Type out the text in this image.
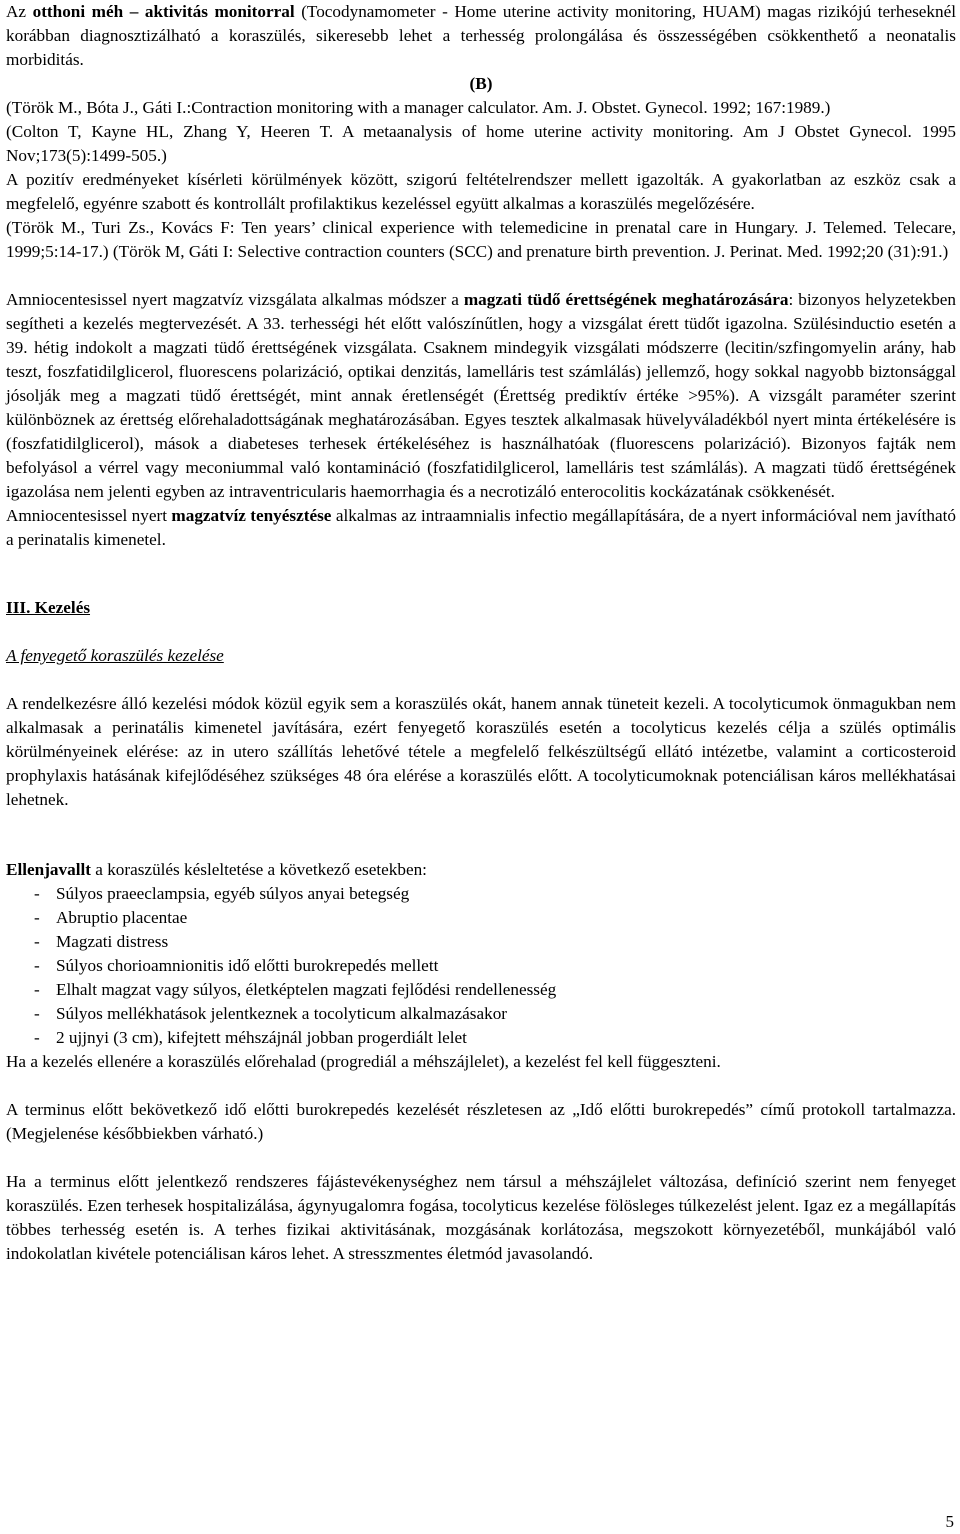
Az otthoni méh – aktivitás monitorral (Tocodynamometer - Home uterine activity monitoring, HUAM) magas rizikójú terheseknél korábban diagnosztizálható a koraszülés, sikeresebb lehet a terhesség prolongálása és összességében csökkenthető a neonatalis morbiditás.

(B)

(Török M., Bóta J., Gáti I.:Contraction monitoring with a manager calculator. Am. J. Obstet. Gynecol. 1992; 167:1989.)

(Colton T, Kayne HL, Zhang Y, Heeren T. A metaanalysis of home uterine activity monitoring. Am J Obstet Gynecol. 1995 Nov;173(5):1499-505.)

A pozitív eredményeket kísérleti körülmények között, szigorú feltételrendszer mellett igazolták. A gyakorlatban az eszköz csak a megfelelő, egyénre szabott és kontrollált profilaktikus kezeléssel együtt alkalmas a koraszülés megelőzésére.

(Török M., Turi Zs., Kovács F: Ten years’ clinical experience with telemedicine in prenatal care in Hungary. J. Telemed. Telecare, 1999;5:14-17.) (Török M, Gáti I: Selective contraction counters (SCC) and prenature birth prevention. J. Perinat. Med. 1992;20 (31):91.)

Amniocentesissel nyert magzatvíz vizsgálata alkalmas módszer a magzati tüdő érettségének meghatározására: bizonyos helyzetekben segítheti a kezelés megtervezését. A 33. terhességi hét előtt valószínűtlen, hogy a vizsgálat érett tüdőt igazolna. Szülésinductio esetén a 39. hétig indokolt a magzati tüdő érettségének vizsgálata. Csaknem mindegyik vizsgálati módszerre (lecitin/szfingomyelin arány, hab teszt, foszfatidilglicerol, fluorescens polarizáció, optikai denzitás, lamelláris test számlálás) jellemző, hogy sokkal nagyobb biztonsággal jósolják meg a magzati tüdő érettségét, mint annak éretlenségét (Érettség prediktív értéke >95%). A vizsgált paraméter szerint különböznek az érettség előrehaladottságának meghatározásában. Egyes tesztek alkalmasak hüvelyváladékból nyert minta értékelésére is (foszfatidilglicerol), mások a diabeteses terhesek értékeléséhez is használhatóak (fluorescens polarizáció). Bizonyos fajták nem befolyásol a vérrel vagy meconiummal való kontamináció (foszfatidilglicerol, lamelláris test számlálás). A magzati tüdő érettségének igazolása nem jelenti egyben az intraventricularis haemorrhagia és a necrotizáló enterocolitis kockázatának csökkenését.

Amniocentesissel nyert magzatvíz tenyésztése alkalmas az intraamnialis infectio megállapítására, de a nyert információval nem javítható a perinatalis kimenetel.

III. Kezelés

A fenyegető koraszülés kezelése

A rendelkezésre álló kezelési módok közül egyik sem a koraszülés okát, hanem annak tüneteit kezeli. A tocolyticumok önmagukban nem alkalmasak a perinatális kimenetel javítására, ezért fenyegető koraszülés esetén a tocolyticus kezelés célja a szülés optimális körülményeinek elérése: az in utero szállítás lehetővé tétele a megfelelő felkészültségű ellátó intézetbe, valamint a corticosteroid prophylaxis hatásának kifejlődéséhez szükséges 48 óra elérése a koraszülés előtt. A tocolyticumoknak potenciálisan káros mellékhatásai lehetnek.

Ellenjavallt a koraszülés késleltetése a következő esetekben:

- Súlyos praeeclampsia, egyéb súlyos anyai betegség
- Abruptio placentae
- Magzati distress
- Súlyos chorioamnionitis idő előtti burokrepedés mellett
- Elhalt magzat vagy súlyos, életképtelen magzati fejlődési rendellenesség
- Súlyos mellékhatások jelentkeznek a tocolyticum alkalmazásakor
- 2 ujjnyi (3 cm), kifejtett méhszájnál jobban progerdiált lelet

Ha a kezelés ellenére a koraszülés előrehalad (progrediál a méhszájlelet), a kezelést fel kell függeszteni.

A terminus előtt bekövetkező idő előtti burokrepedés kezelését részletesen az „Idő előtti burokrepedés” című protokoll tartalmazza. (Megjelenése későbbiekben várható.)

Ha a terminus előtt jelentkező rendszeres fájástevékenységhez nem társul a méhszájlelet változása, definíció szerint nem fenyeget koraszülés. Ezen terhesek hospitalizálása, ágynyugalomra fogása, tocolyticus kezelése fölösleges túlkezelést jelent. Igaz ez a megállapítás többes terhesség esetén is. A terhes fizikai aktivitásának, mozgásának korlátozása, megszokott környezetéből, munkájából való indokolatlan kivétele potenciálisan káros lehet. A stresszmentes életmód javasolandó.

5
